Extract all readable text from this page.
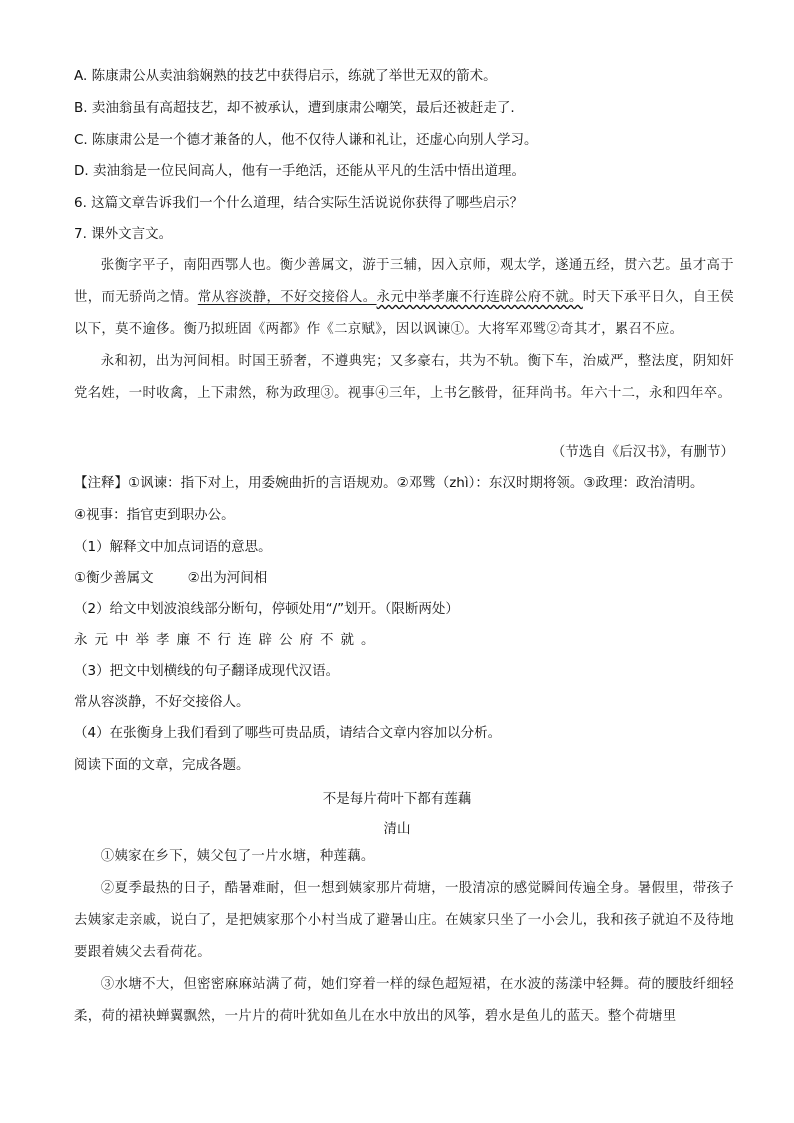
A. 陈康肃公从卖油翁娴熟的技艺中获得启示，练就了举世无双的箭术。
B. 卖油翁虽有高超技艺，却不被承认，遭到康肃公嘲笑，最后还被赶走了.
C. 陈康肃公是一个德才兼备的人，他不仅待人谦和礼让，还虚心向别人学习。
D. 卖油翁是一位民间高人，他有一手绝活，还能从平凡的生活中悟出道理。
6. 这篇文章告诉我们一个什么道理，结合实际生活说说你获得了哪些启示？
7. 课外文言文。

张衡字平子，南阳西鄂人也。衡少善属文，游于三辅，因入京师，观太学，遂通五经，贯六艺。虽才高于世，而无骄尚之情。常从容淡静，不好交接俗人。永元中举孝廉不行连辟公府不就。时天下承平日久，自王侯以下，莫不逾侈。衡乃拟班固《两都》作《二京赋》，因以讽谏①。大将军邓骘②奇其才，累召不应。

永和初，出为河间相。时国王骄奢，不遵典宪；又多豪右，共为不轨。衡下车，治威严，整法度，阴知奸党名姓，一时收禽，上下肃然，称为政理③。视事④三年，上书乞骸骨，征拜尚书。年六十二，永和四年卒。

（节选自《后汉书》，有删节）
【注释】①讽谏：指下对上，用委婉曲折的言语规劝。②邓骘（zhì）：东汉时期将领。③政理：政治清明。
④视事：指官吏到职办公。
（1）解释文中加点词语的意思。
①衡少善属文	②出为河间相
（2）给文中划波浪线部分断句，停顿处用“/”划开。（限断两处）
永元中举孝廉不行连辟公府不就。
（3）把文中划横线的句子翻译成现代汉语。
常从容淡静，不好交接俗人。
（4）在张衡身上我们看到了哪些可贵品质，请结合文章内容加以分析。
阅读下面的文章，完成各题。
不是每片荷叶下都有莲藕
清山

①姨家在乡下，姨父包了一片水塘，种莲藕。

②夏季最热的日子，酷暑难耐，但一想到姨家那片荷塘，一股清凉的感觉瞬间传遍全身。暑假里，带孩子去姨家走亲戚，说白了，是把姨家那个小村当成了避暑山庄。在姨家只坐了一小会儿，我和孩子就迫不及待地要跟着姨父去看荷花。

③水塘不大，但密密麻麻站满了荷，她们穿着一样的绿色超短裙，在水波的荡漾中轻舞。荷的腰肢纤细轻柔，荷的裙袂蝉翼飘然，一片片的荷叶犹如鱼儿在水中放出的风筝，碧水是鱼儿的蓝天。整个荷塘里
